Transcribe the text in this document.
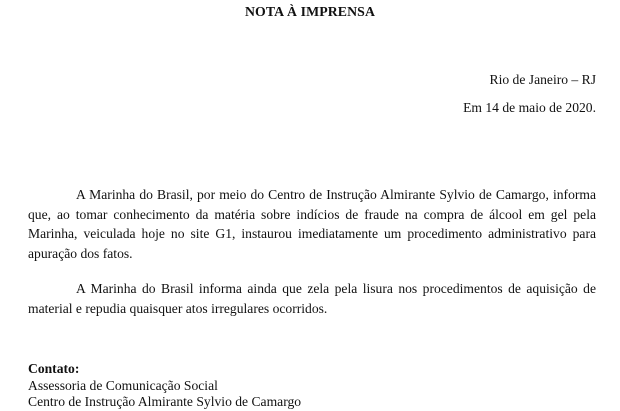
NOTA À IMPRENSA
Rio de Janeiro – RJ
Em 14 de maio de 2020.

A Marinha do Brasil, por meio do Centro de Instrução Almirante Sylvio de Camargo, informa que, ao tomar conhecimento da matéria sobre indícios de fraude na compra de álcool em gel pela Marinha, veiculada hoje no site G1, instaurou imediatamente um procedimento administrativo para apuração dos fatos.

A Marinha do Brasil informa ainda que zela pela lisura nos procedimentos de aquisição de material e repudia quaisquer atos irregulares ocorridos.

Contato:
Assessoria de Comunicação Social
Centro de Instrução Almirante Sylvio de Camargo
